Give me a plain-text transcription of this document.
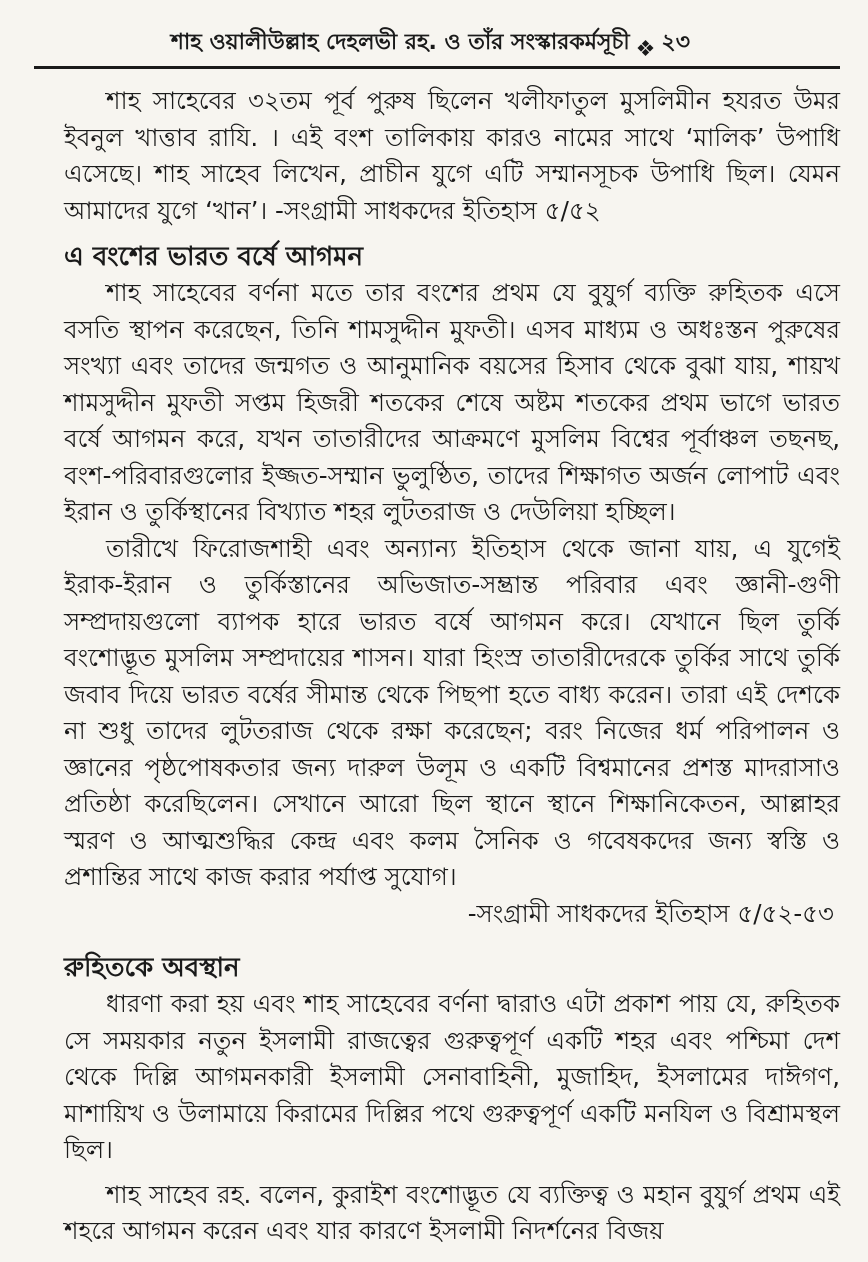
শাহ ওয়ালীউল্লাহ দেহলভী রহ. ও তাঁর সংস্কারকর্মসূচী ❖ ২৩

শাহ সাহেবের ৩২তম পূর্ব পুরুষ ছিলেন খলীফাতুল মুসলিমীন হযরত উমর ইবনুল খাত্তাব রাযি. । এই বংশ তালিকায় কারও নামের সাথে ‘মালিক’ উপাধি এসেছে। শাহ সাহেব লিখেন, প্রাচীন যুগে এটি সম্মানসূচক উপাধি ছিল। যেমন আমাদের যুগে ‘খান’। -সংগ্রামী সাধকদের ইতিহাস ৫/৫২

এ বংশের ভারত বর্ষে আগমন

শাহ সাহেবের বর্ণনা মতে তার বংশের প্রথম যে বুযুর্গ ব্যক্তি রুহিতক এসে বসতি স্থাপন করেছেন, তিনি শামসুদ্দীন মুফতী। এসব মাধ্যম ও অধঃস্তন পুরুষের সংখ্যা এবং তাদের জন্মগত ও আনুমানিক বয়সের হিসাব থেকে বুঝা যায়, শায়খ শামসুদ্দীন মুফতী সপ্তম হিজরী শতকের শেষে অষ্টম শতকের প্রথম ভাগে ভারত বর্ষে আগমন করে, যখন তাতারীদের আক্রমণে মুসলিম বিশ্বের পূর্বাঞ্চল তছনছ, বংশ-পরিবারগুলোর ইজ্জত-সম্মান ভুলুণ্ঠিত, তাদের শিক্ষাগত অর্জন লোপাট এবং ইরান ও তুর্কিস্থানের বিখ্যাত শহর লুটতরাজ ও দেউলিয়া হচ্ছিল।

তারীখে ফিরোজশাহী এবং অন্যান্য ইতিহাস থেকে জানা যায়, এ যুগেই ইরাক-ইরান ও তুর্কিস্তানের অভিজাত-সম্ভ্রান্ত পরিবার এবং জ্ঞানী-গুণী সম্প্রদায়গুলো ব্যাপক হারে ভারত বর্ষে আগমন করে। যেখানে ছিল তুর্কি বংশোদ্ভূত মুসলিম সম্প্রদায়ের শাসন। যারা হিংস্র তাতারীদেরকে তুর্কির সাথে তুর্কি জবাব দিয়ে ভারত বর্ষের সীমান্ত থেকে পিছপা হতে বাধ্য করেন। তারা এই দেশকে না শুধু তাদের লুটতরাজ থেকে রক্ষা করেছেন; বরং নিজের ধর্ম পরিপালন ও জ্ঞানের পৃষ্ঠপোষকতার জন্য দারুল উলূম ও একটি বিশ্বমানের প্রশস্ত মাদরাসাও প্রতিষ্ঠা করেছিলেন। সেখানে আরো ছিল স্থানে স্থানে শিক্ষানিকেতন, আল্লাহর স্মরণ ও আত্মশুদ্ধির কেন্দ্র এবং কলম সৈনিক ও গবেষকদের জন্য স্বস্তি ও প্রশান্তির সাথে কাজ করার পর্যাপ্ত সুযোগ।

-সংগ্রামী সাধকদের ইতিহাস ৫/৫২-৫৩

রুহিতকে অবস্থান

ধারণা করা হয় এবং শাহ সাহেবের বর্ণনা দ্বারাও এটা প্রকাশ পায় যে, রুহিতক সে সময়কার নতুন ইসলামী রাজত্বের গুরুত্বপূর্ণ একটি শহর এবং পশ্চিমা দেশ থেকে দিল্লি আগমনকারী ইসলামী সেনাবাহিনী, মুজাহিদ, ইসলামের দাঈগণ, মাশায়িখ ও উলামায়ে কিরামের দিল্লির পথে গুরুত্বপূর্ণ একটি মনযিল ও বিশ্রামস্থল ছিল।

শাহ সাহেব রহ. বলেন, কুরাইশ বংশোদ্ভূত যে ব্যক্তিত্ব ও মহান বুযুর্গ প্রথম এই শহরে আগমন করেন এবং যার কারণে ইসলামী নিদর্শনের বিজয়
